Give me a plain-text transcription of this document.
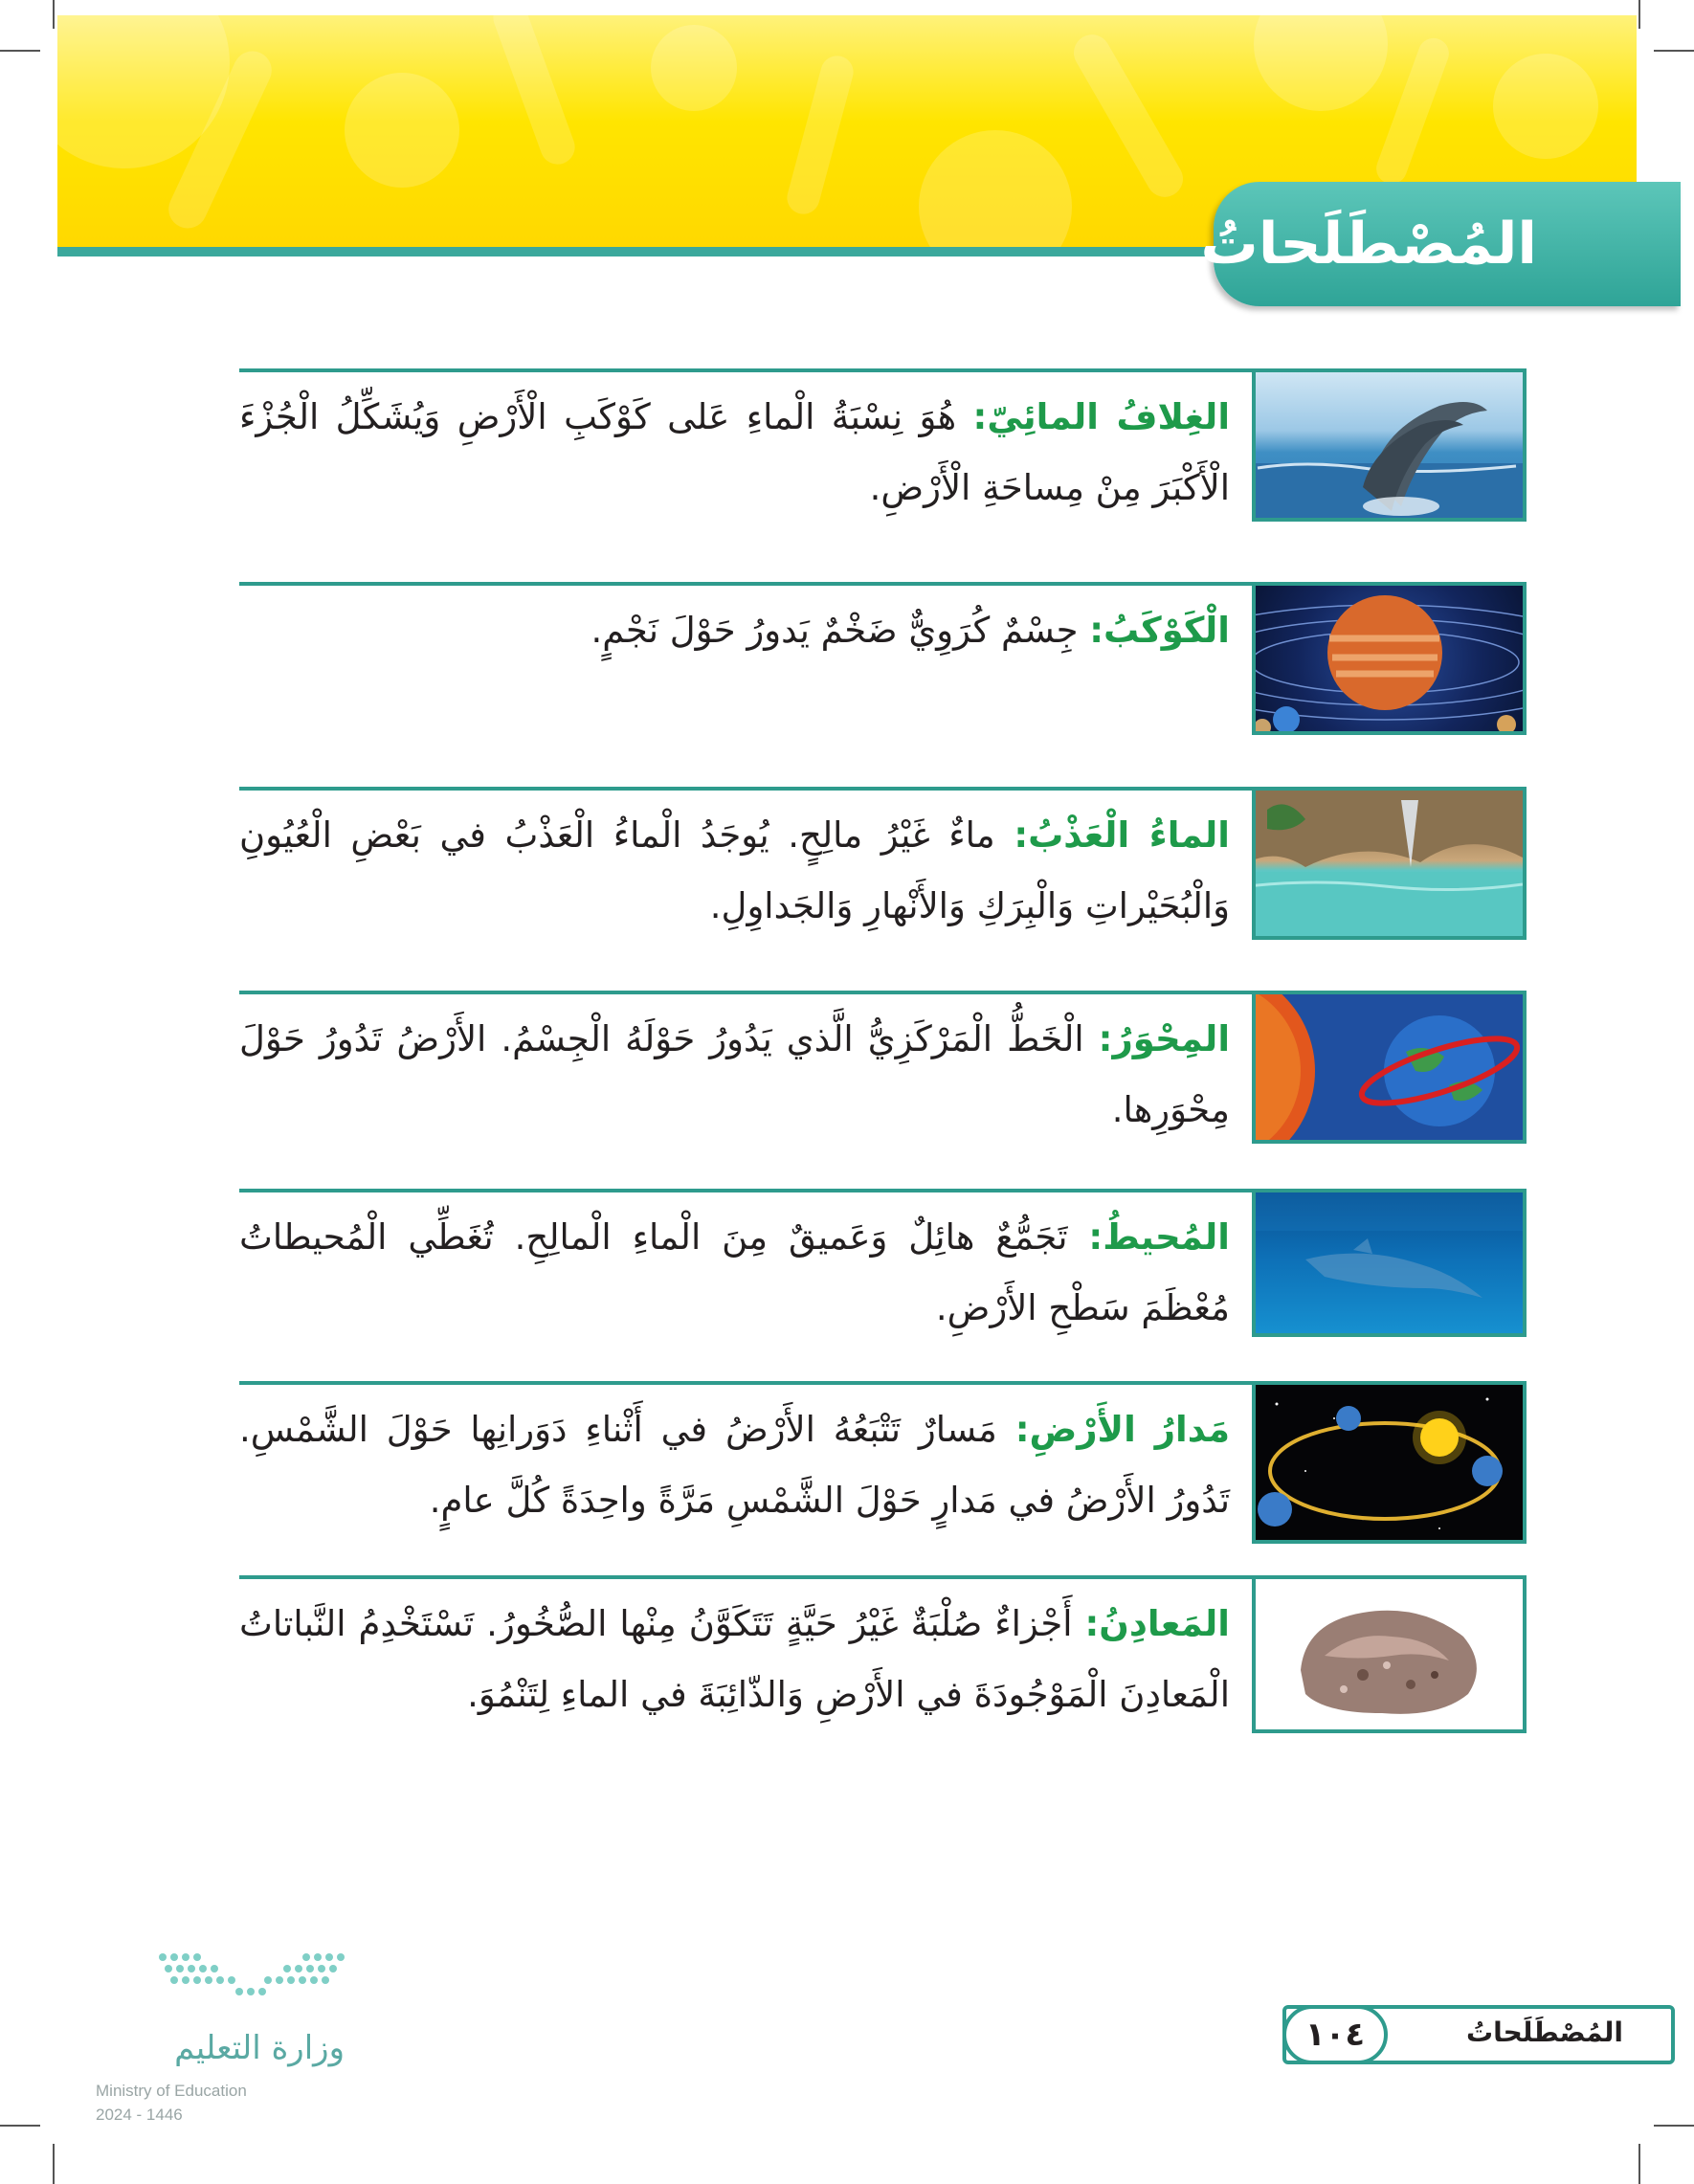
المُصْطَلَحاتُ
الغِلافُ المائِيّ: هُوَ نِسْبَةُ الْماءِ عَلى كَوْكَبِ الْأَرْضِ وَيُشَكِّلُ الْجُزْءَ الْأَكْبَرَ مِنْ مِساحَةِ الْأَرْضِ.
الْكَوْكَبُ: جِسْمٌ كُرَوِيٌّ ضَخْمٌ يَدورُ حَوْلَ نَجْمٍ.
الماءُ الْعَذْبُ: ماءٌ غَيْرُ مالِحٍ. يُوجَدُ الْماءُ الْعَذْبُ في بَعْضِ الْعُيُونِ وَالْبُحَيْراتِ وَالْبِرَكِ وَالأَنْهارِ وَالجَداوِلِ.
المِحْوَرُ: الْخَطُّ الْمَرْكَزِيُّ الَّذي يَدُورُ حَوْلَهُ الْجِسْمُ. الأَرْضُ تَدُورُ حَوْلَ مِحْوَرِها.
المُحيطُ: تَجَمُّعٌ هائِلٌ وَعَميقٌ مِنَ الْماءِ الْمالِحِ. تُغَطِّي الْمُحيطاتُ مُعْظَمَ سَطْحِ الأَرْضِ.
مَدارُ الأَرْضِ: مَسارٌ تَتْبَعُهُ الأَرْضُ في أَثْناءِ دَوَرانِها حَوْلَ الشَّمْسِ. تَدُورُ الأَرْضُ في مَدارٍ حَوْلَ الشَّمْسِ مَرَّةً واحِدَةً كُلَّ عامٍ.
المَعادِنُ: أَجْزاءٌ صُلْبَةٌ غَيْرُ حَيَّةٍ تَتَكَوَّنُ مِنْها الصُّخُورُ. تَسْتَخْدِمُ النَّباتاتُ الْمَعادِنَ الْمَوْجُودَةَ في الأَرْضِ وَالذّائِبَةَ في الماءِ لِتَنْمُوَ.
المُصْطَلَحاتُ
١٠٤
وزارة التعليم
Ministry of Education
2024 - 1446
